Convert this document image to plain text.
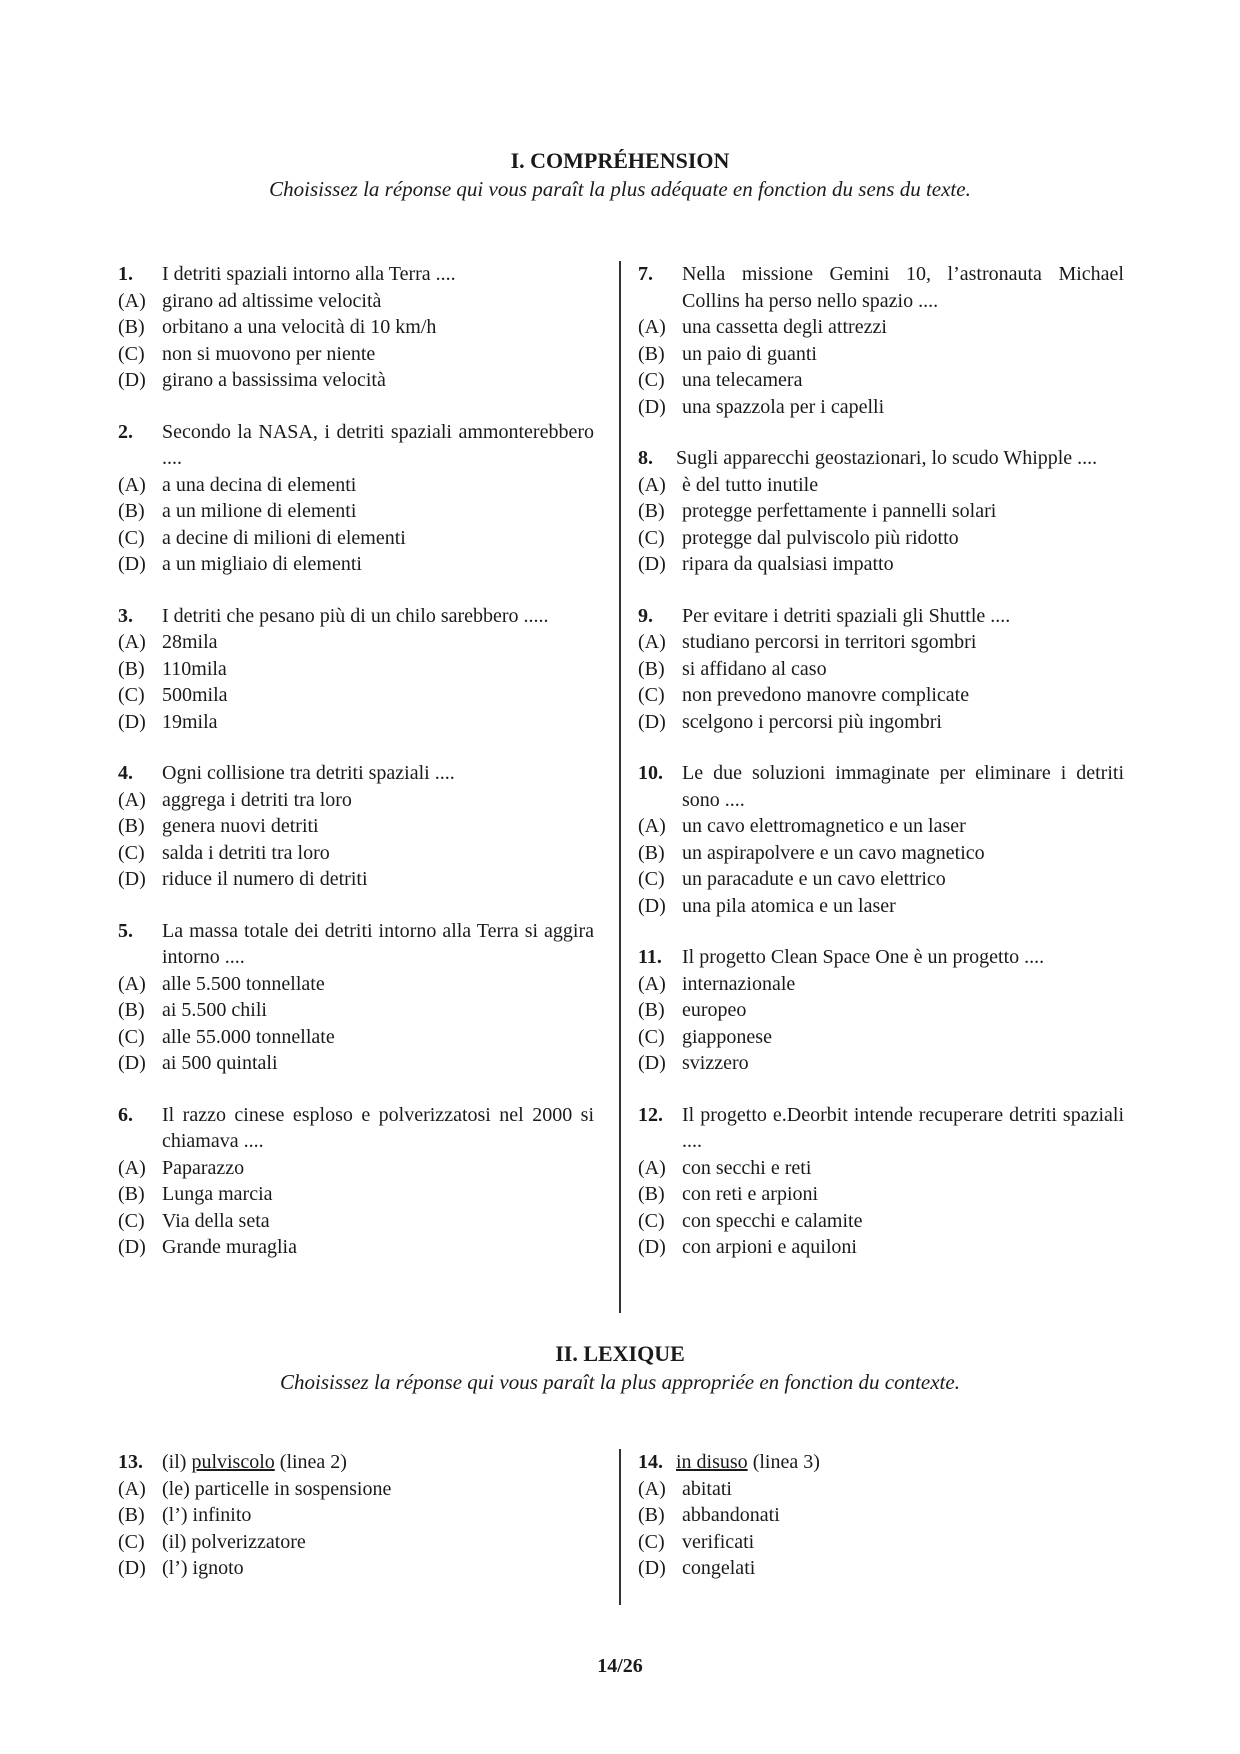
I. COMPRÉHENSION
Choisissez la réponse qui vous paraît la plus adéquate en fonction du sens du texte.
1.	I detriti spaziali intorno alla Terra ....
(A) girano ad altissime velocità
(B) orbitano a una velocità di 10 km/h
(C) non si muovono per niente
(D) girano a bassissima velocità
2.	Secondo la NASA, i detriti spaziali ammonterebbero ....
(A) a una decina di elementi
(B) a un milione di elementi
(C) a decine di milioni di elementi
(D) a un migliaio di elementi
3.	I detriti che pesano più di un chilo sarebbero .....
(A) 28mila
(B) 110mila
(C) 500mila
(D) 19mila
4.	Ogni collisione tra detriti spaziali ....
(A) aggrega i detriti tra loro
(B) genera nuovi detriti
(C) salda i detriti tra loro
(D) riduce il numero di detriti
5.	La massa totale dei detriti intorno alla Terra si aggira intorno ....
(A) alle 5.500 tonnellate
(B) ai 5.500 chili
(C) alle 55.000 tonnellate
(D) ai 500 quintali
6.	Il razzo cinese esploso e polverizzatosi nel 2000 si chiamava ....
(A) Paparazzo
(B) Lunga marcia
(C) Via della seta
(D) Grande muraglia
7.	Nella missione Gemini 10, l’astronauta Michael Collins ha perso nello spazio ....
(A) una cassetta degli attrezzi
(B) un paio di guanti
(C) una telecamera
(D) una spazzola per i capelli
8.	Sugli apparecchi geostazionari, lo scudo Whipple ....
(A) è del tutto inutile
(B) protegge perfettamente i pannelli solari
(C) protegge dal pulviscolo più ridotto
(D) ripara da qualsiasi impatto
9.	Per evitare i detriti spaziali gli Shuttle ....
(A) studiano percorsi in territori sgombri
(B) si affidano al caso
(C) non prevedono manovre complicate
(D) scelgono i percorsi più ingombri
10. Le due soluzioni immaginate per eliminare i detriti sono ....
(A) un cavo elettromagnetico e un laser
(B) un aspirapolvere e un cavo magnetico
(C) un paracadute e un cavo elettrico
(D) una pila atomica e un laser
11.	Il progetto Clean Space One è un progetto ....
(A) internazionale
(B) europeo
(C) giapponese
(D) svizzero
12. Il progetto e.Deorbit intende recuperare detriti spaziali ....
(A) con secchi e reti
(B) con reti e arpioni
(C) con specchi e calamite
(D) con arpioni e aquiloni
II. LEXIQUE
Choisissez la réponse qui vous paraît la plus appropriée en fonction du contexte.
13. (il) pulviscolo (linea 2)
(A) (le) particelle in sospensione
(B) (l’) infinito
(C) (il) polverizzatore
(D) (l’) ignoto
14. in disuso (linea 3)
(A) abitati
(B) abbandonati
(C) verificati
(D) congelati
14/26
